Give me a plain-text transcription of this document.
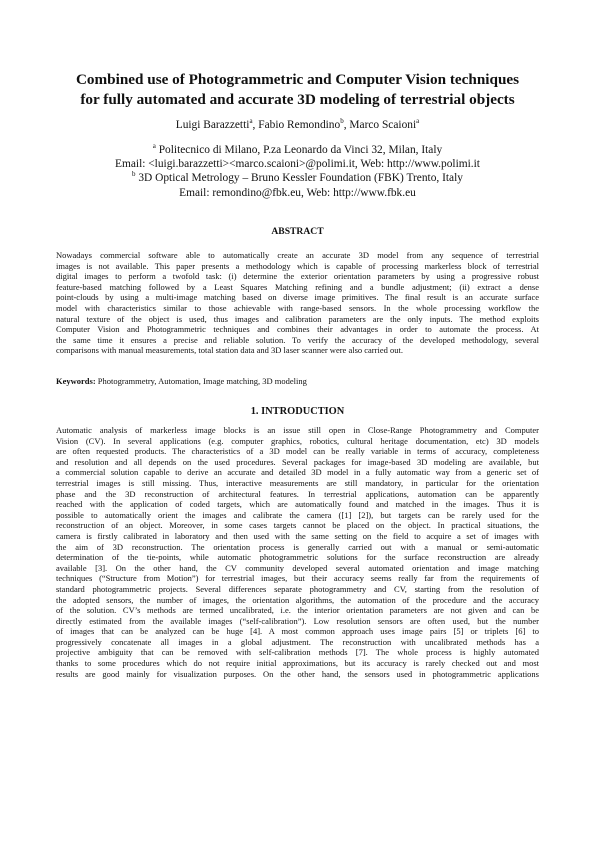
Combined use of Photogrammetric and Computer Vision techniques
for fully automated and accurate 3D modeling of terrestrial objects
Luigi Barazzetti$^a$, Fabio Remondino$^b$, Marco Scaioni$^a$
$^a$ Politecnico di Milano, P.za Leonardo da Vinci 32, Milan, Italy
Email: <luigi.barazzetti><marco.scaioni>@polimi.it, Web: http://www.polimi.it
$^b$ 3D Optical Metrology – Bruno Kessler Foundation (FBK) Trento, Italy
Email: remondino@fbk.eu, Web: http://www.fbk.eu
ABSTRACT
Nowadays commercial software able to automatically create an accurate 3D model from any sequence of terrestrial
images is not available. This paper presents a methodology which is capable of processing markerless block of terrestrial
digital images to perform a twofold task: (i) determine the exterior orientation parameters by using a progressive robust
feature-based matching followed by a Least Squares Matching refining and a bundle adjustment; (ii) extract a dense
point-clouds by using a multi-image matching based on diverse image primitives. The final result is an accurate surface
model with characteristics similar to those achievable with range-based sensors. In the whole processing workflow the
natural texture of the object is used, thus images and calibration parameters are the only inputs. The method exploits
Computer Vision and Photogrammetric techniques and combines their advantages in order to automate the process. At
the same time it ensures a precise and reliable solution. To verify the accuracy of the developed methodology, several
comparisons with manual measurements, total station data and 3D laser scanner were also carried out.
Keywords: Photogrammetry, Automation, Image matching, 3D modeling
1. INTRODUCTION
Automatic analysis of markerless image blocks is an issue still open in Close-Range Photogrammetry and Computer
Vision (CV). In several applications (e.g. computer graphics, robotics, cultural heritage documentation, etc) 3D models
are often requested products. The characteristics of a 3D model can be really variable in terms of accuracy, completeness
and resolution and all depends on the used procedures. Several packages for image-based 3D modeling are available, but
a commercial solution capable to derive an accurate and detailed 3D model in a fully automatic way from a generic set of
terrestrial images is still missing. Thus, interactive measurements are still mandatory, in particular for the orientation
phase and the 3D reconstruction of architectural features. In terrestrial applications, automation can be apparently
reached with the application of coded targets, which are automatically found and matched in the images. Thus it is
possible to automatically orient the images and calibrate the camera ([1] [2]), but targets can be rarely used for the
reconstruction of an object. Moreover, in some cases targets cannot be placed on the object. In practical situations, the
camera is firstly calibrated in laboratory and then used with the same setting on the field to acquire a set of images with
the aim of 3D reconstruction. The orientation process is generally carried out with a manual or semi-automatic
determination of the tie-points, while automatic photogrammetric solutions for the surface reconstruction are already
available [3]. On the other hand, the CV community developed several automated orientation and image matching
techniques (“Structure from Motion”) for terrestrial images, but their accuracy seems really far from the requirements of
standard photogrammetric projects. Several differences separate photogrammetry and CV, starting from the resolution of
the adopted sensors, the number of images, the orientation algorithms, the automation of the procedure and the accuracy
of the solution. CV’s methods are termed uncalibrated, i.e. the interior orientation parameters are not given and can be
directly estimated from the available images (“self-calibration”). Low resolution sensors are often used, but the number
of images that can be analyzed can be huge [4]. A most common approach uses image pairs [5] or triplets [6] to
progressively concatenate all images in a global adjustment. The reconstruction with uncalibrated methods has a
projective ambiguity that can be removed with self-calibration methods [7]. The whole process is highly automated
thanks to some procedures which do not require initial approximations, but its accuracy is rarely checked out and most
results are good mainly for visualization purposes. On the other hand, the sensors used in photogrammetric applications
